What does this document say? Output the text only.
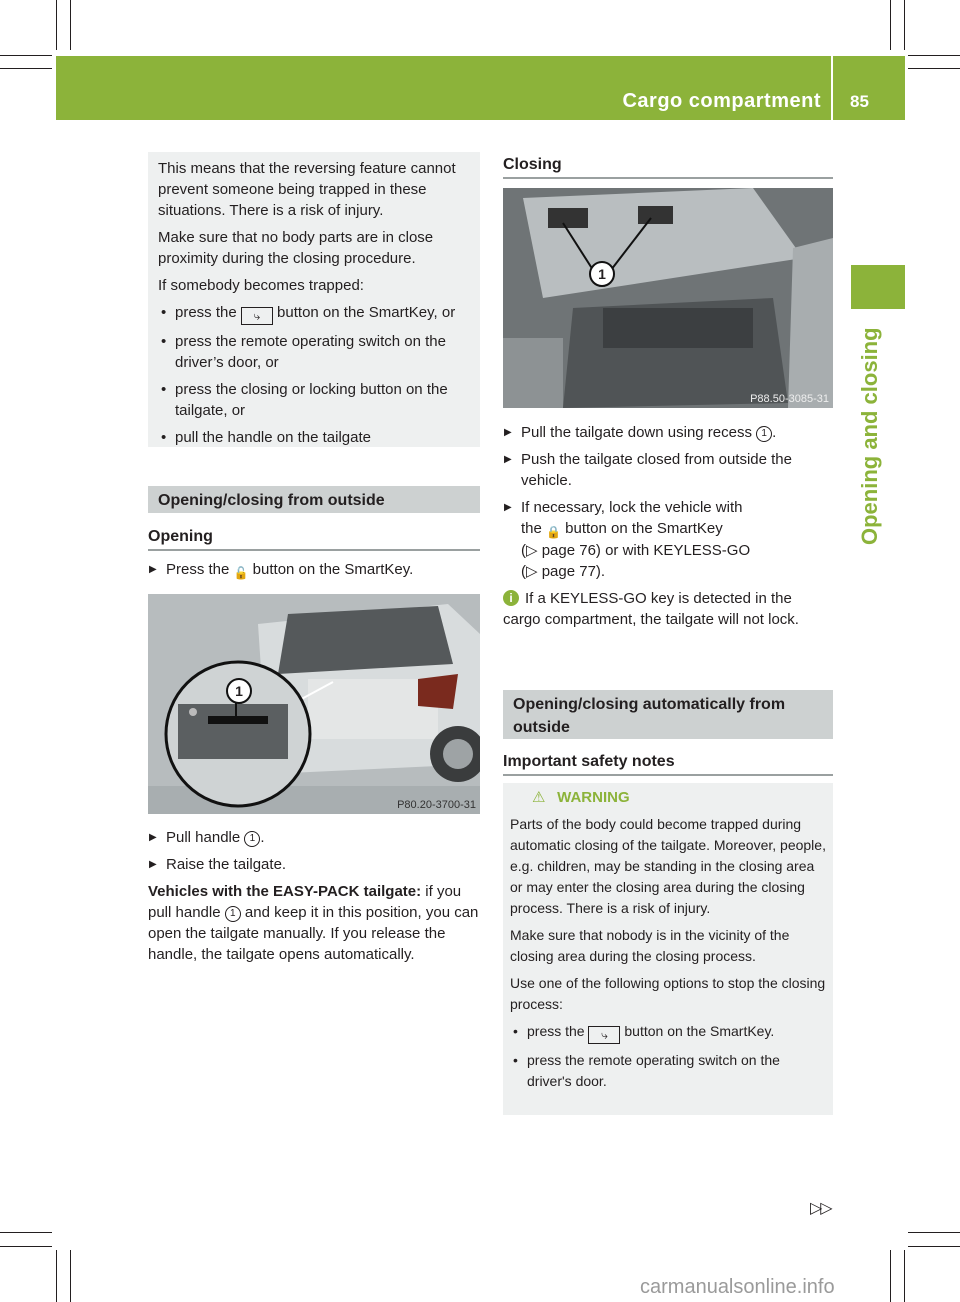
Cargo compartment 85
Opening and closing

This means that the reversing feature cannot prevent someone being trapped in these situations. There is a risk of injury.

Make sure that no body parts are in close proximity during the closing procedure.

If somebody becomes trapped:

• press the ⤷ button on the SmartKey, or

• press the remote operating switch on the driver’s door, or

• press the closing or locking button on the tailgate, or

• pull the handle on the tailgate

Opening/closing from outside
Opening

▶ Press the 🔓 button on the SmartKey.

1
P80.20-3700-31

▶ Pull handle 1 .

▶ Raise the tailgate.

Vehicles with the EASY-PACK tailgate: if you pull handle 1 and keep it in this position, you can open the tailgate manually. If you release the handle, the tailgate opens automatically.

Closing
1
P88.50-3085-31

▶ Pull the tailgate down using recess 1 .

▶ Push the tailgate closed from outside the vehicle.

▶ If necessary, lock the vehicle with

the 🔒 button on the SmartKey

(▷ page 76) or with KEYLESS-GO

(▷ page 77).

i If a KEYLESS-GO key is detected in the cargo compartment, the tailgate will not lock.

Opening/closing automatically from
outside
Important safety notes

⚠ WARNING

Parts of the body could become trapped during automatic closing of the tailgate. Moreover, people, e.g. children, may be standing in the closing area or may enter the closing area during the closing process. There is a risk of injury.

Make sure that nobody is in the vicinity of the closing area during the closing process.

Use one of the following options to stop the closing process:

• press the ⤷ button on the SmartKey.

• press the remote operating switch on the driver's door.

▷▷
carmanualsonline.info
